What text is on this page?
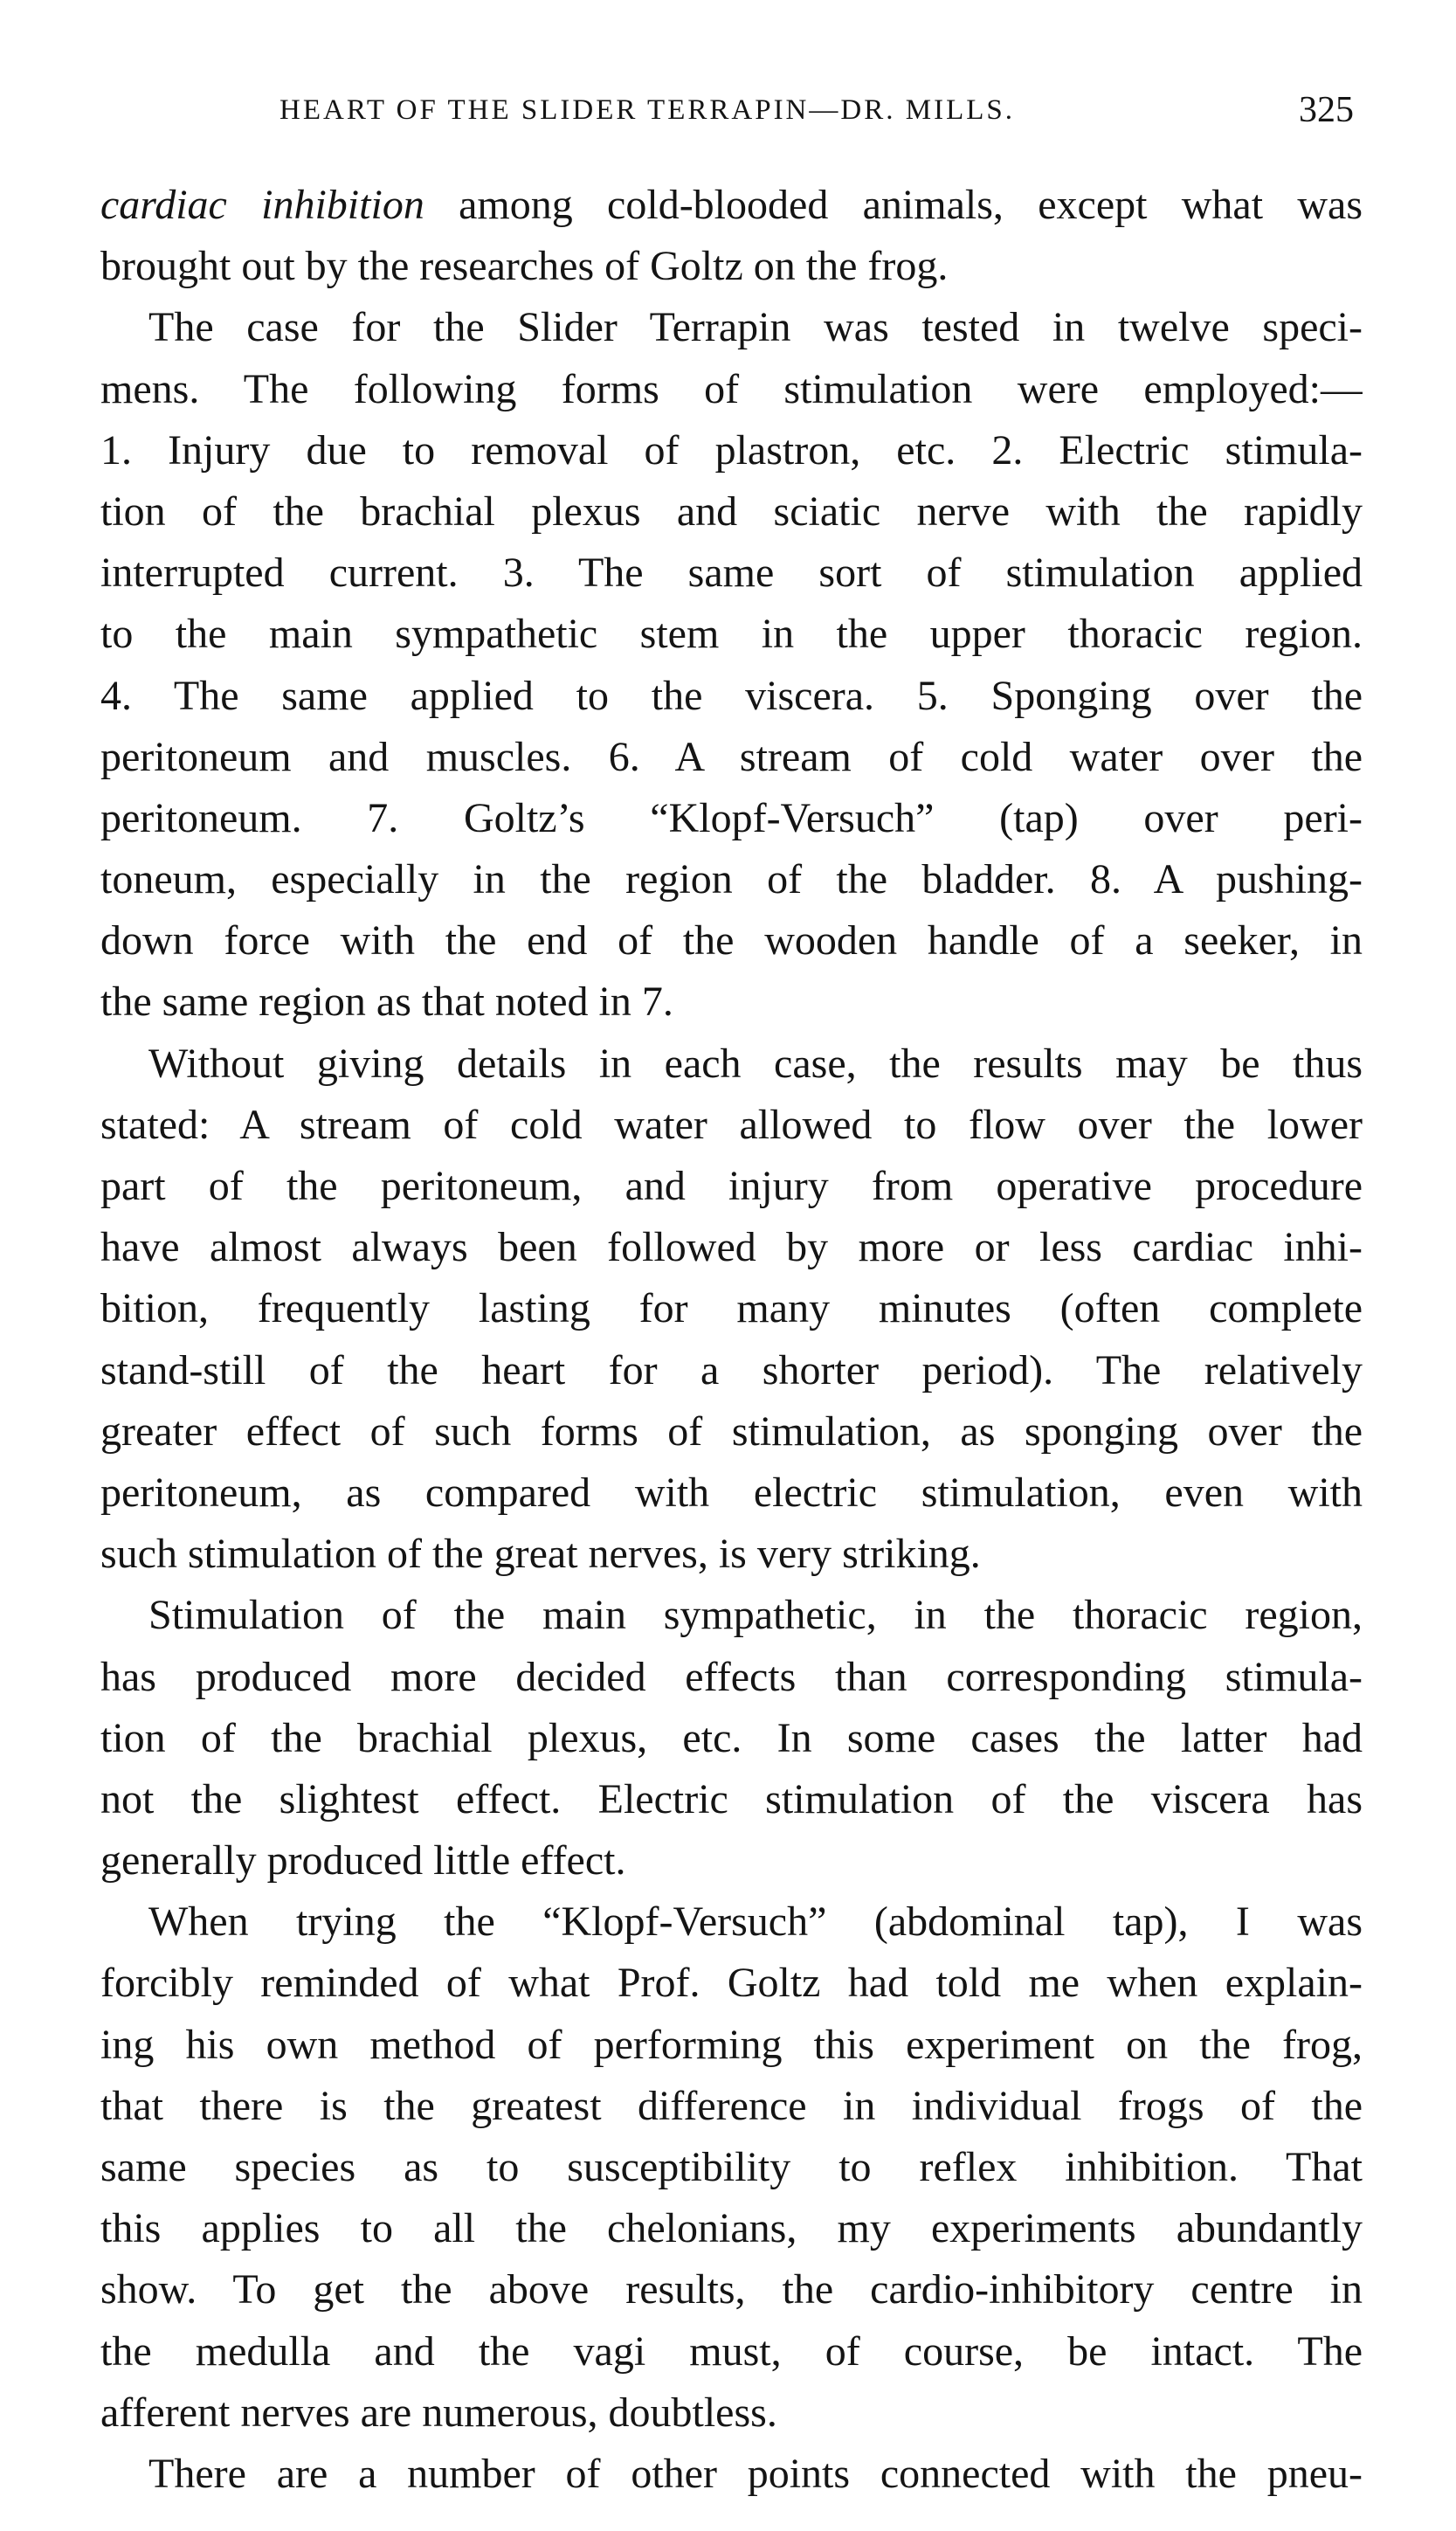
HEART OF THE SLIDER TERRAPIN—DR. MILLS.	325
cardiac inhibition among cold-blooded animals, except what was
brought out by the researches of Goltz on the frog.
The case for the Slider Terrapin was tested in twelve speci-
mens. The following forms of stimulation were employed:—
1. Injury due to removal of plastron, etc. 2. Electric stimula-
tion of the brachial plexus and sciatic nerve with the rapidly
interrupted current. 3. The same sort of stimulation applied
to the main sympathetic stem in the upper thoracic region.
4. The same applied to the viscera. 5. Sponging over the
peritoneum and muscles. 6. A stream of cold water over the
peritoneum. 7. Goltz’s “Klopf-Versuch” (tap) over peri-
toneum, especially in the region of the bladder. 8. A pushing-
down force with the end of the wooden handle of a seeker, in
the same region as that noted in 7.
Without giving details in each case, the results may be thus
stated: A stream of cold water allowed to flow over the lower
part of the peritoneum, and injury from operative procedure
have almost always been followed by more or less cardiac inhi-
bition, frequently lasting for many minutes (often complete
stand-still of the heart for a shorter period). The relatively
greater effect of such forms of stimulation, as sponging over the
peritoneum, as compared with electric stimulation, even with
such stimulation of the great nerves, is very striking.
Stimulation of the main sympathetic, in the thoracic region,
has produced more decided effects than corresponding stimula-
tion of the brachial plexus, etc. In some cases the latter had
not the slightest effect. Electric stimulation of the viscera has
generally produced little effect.
When trying the “Klopf-Versuch” (abdominal tap), I was
forcibly reminded of what Prof. Goltz had told me when explain-
ing his own method of performing this experiment on the frog,
that there is the greatest difference in individual frogs of the
same species as to susceptibility to reflex inhibition. That
this applies to all the chelonians, my experiments abundantly
show. To get the above results, the cardio-inhibitory centre in
the medulla and the vagi must, of course, be intact. The
afferent nerves are numerous, doubtless.
There are a number of other points connected with the pneu-
